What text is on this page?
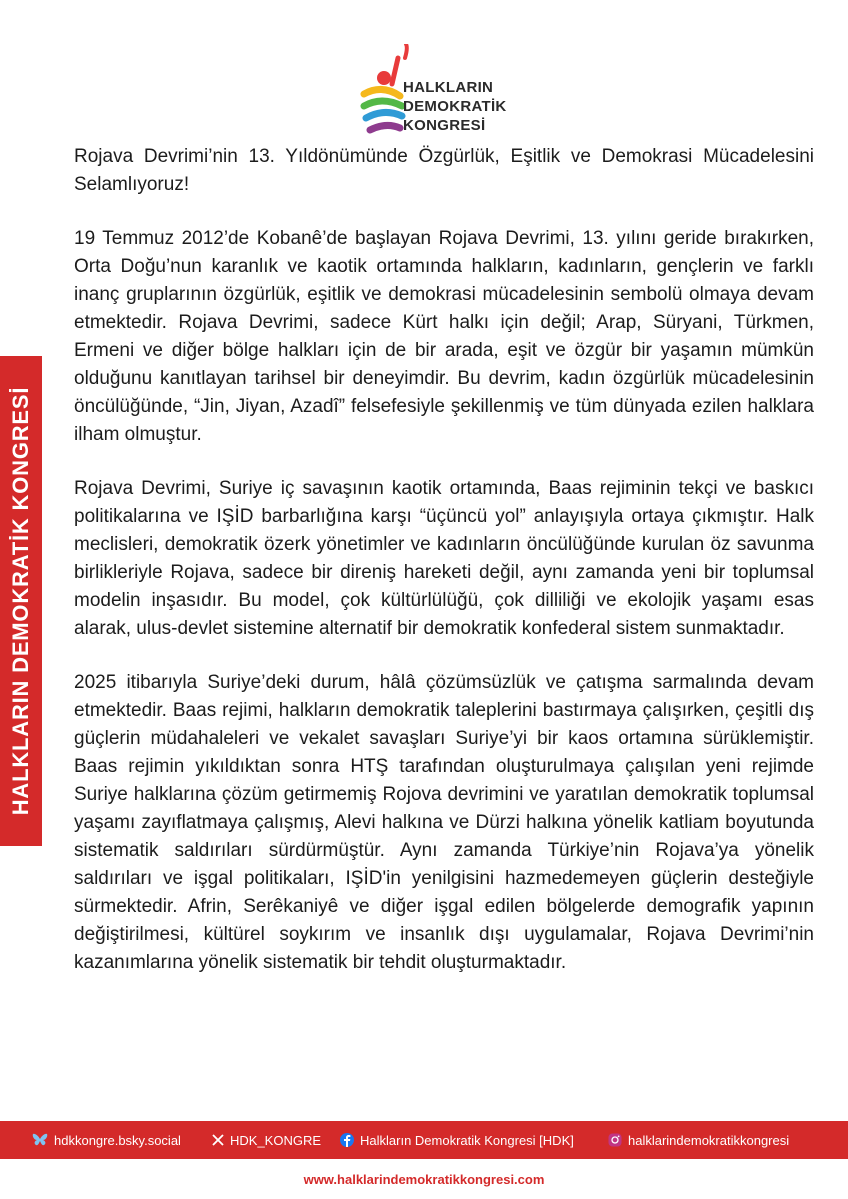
HALKLARIN
DEMOKRATİK
KONGRESİ
HALKLARIN DEMOKRATİK KONGRESİ

Rojava Devrimi’nin 13. Yıldönümünde Özgürlük, Eşitlik ve Demokrasi Mücadelesini Selamlıyoruz!

19 Temmuz 2012’de Kobanê’de başlayan Rojava Devrimi, 13. yılını geride bırakırken, Orta Doğu’nun karanlık ve kaotik ortamında halkların, kadınların, gençlerin ve farklı inanç gruplarının özgürlük, eşitlik ve demokrasi mücadelesinin sembolü olmaya devam etmektedir. Rojava Devrimi, sadece Kürt halkı için değil; Arap, Süryani, Türkmen, Ermeni ve diğer bölge halkları için de bir arada, eşit ve özgür bir yaşamın mümkün olduğunu kanıtlayan tarihsel bir deneyimdir. Bu devrim, kadın özgürlük mücadelesinin öncülüğünde, “Jin, Jiyan, Azadî” felsefesiyle şekillenmiş ve tüm dünyada ezilen halklara ilham olmuştur.

Rojava Devrimi, Suriye iç savaşının kaotik ortamında, Baas rejiminin tekçi ve baskıcı politikalarına ve IŞİD barbarlığına karşı “üçüncü yol” anlayışıyla ortaya çıkmıştır. Halk meclisleri, demokratik özerk yönetimler ve kadınların öncülüğünde kurulan öz savunma birlikleriyle Rojava, sadece bir direniş hareketi değil, aynı zamanda yeni bir toplumsal modelin inşasıdır. Bu model, çok kültürlülüğü, çok dilliliği ve ekolojik yaşamı esas alarak, ulus-devlet sistemine alternatif bir demokratik konfederal sistem sunmaktadır.

2025 itibarıyla Suriye’deki durum, hâlâ çözümsüzlük ve çatışma sarmalında devam etmektedir. Baas rejimi, halkların demokratik taleplerini bastırmaya çalışırken, çeşitli dış güçlerin müdahaleleri ve vekalet savaşları Suriye’yi bir kaos ortamına sürüklemiştir. Baas rejimin yıkıldıktan sonra HTŞ tarafından oluşturulmaya çalışılan yeni rejimde Suriye halklarına çözüm getirmemiş Rojova devrimini ve yaratılan demokratik toplumsal yaşamı zayıflatmaya çalışmış, Alevi halkına ve Dürzi halkına yönelik katliam boyutunda sistematik saldırıları sürdürmüştür. Aynı zamanda Türkiye’nin Rojava’ya yönelik saldırıları ve işgal politikaları, IŞİD'in yenilgisini hazmedemeyen güçlerin desteğiyle sürmektedir. Afrin, Serêkaniyê ve diğer işgal edilen bölgelerde demografik yapının değiştirilmesi, kültürel soykırım ve insanlık dışı uygulamalar, Rojava Devrimi’nin kazanımlarına yönelik sistematik bir tehdit oluşturmaktadır.

hdkkongre.bsky.social	HDK_KONGRE	Halkların Demokratik Kongresi [HDK]	halklarindemokratikkongresi
www.halklarindemokratikkongresi.com
